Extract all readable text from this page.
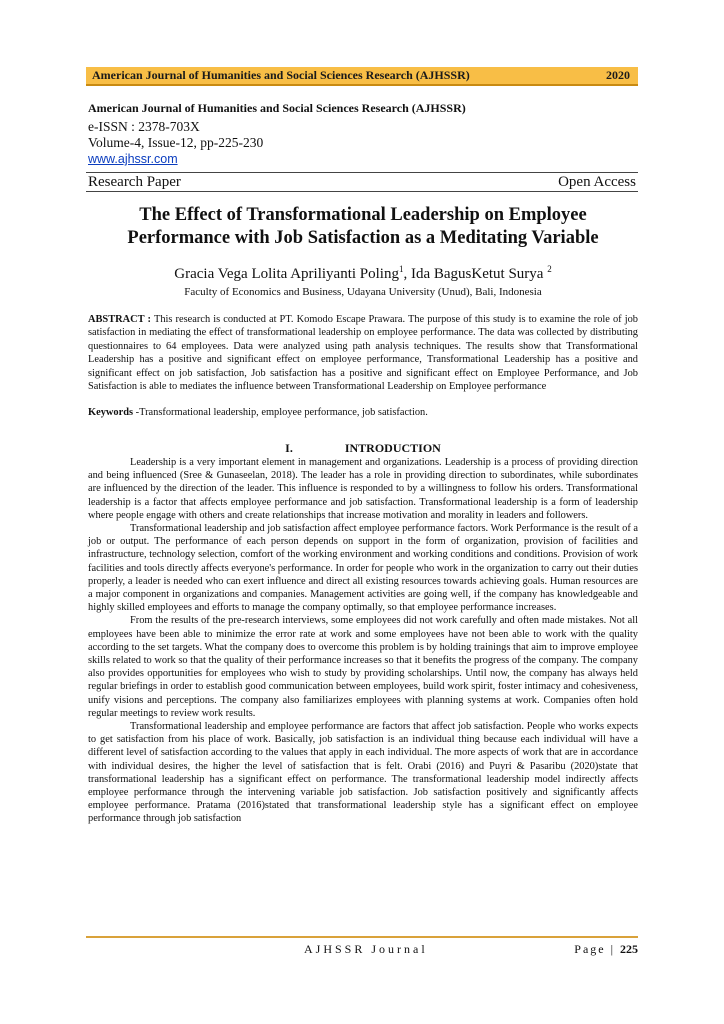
American Journal of Humanities and Social Sciences Research (AJHSSR)	2020
American Journal of Humanities and Social Sciences Research (AJHSSR)
e-ISSN : 2378-703X
Volume-4, Issue-12, pp-225-230
www.ajhssr.com
Research Paper	Open Access
The Effect of Transformational Leadership on Employee
Performance with Job Satisfaction as a Meditating Variable
Gracia Vega Lolita Apriliyanti Poling$^1$, Ida BagusKetut Surya $^2$
Faculty of Economics and Business, Udayana University (Unud), Bali, Indonesia
ABSTRACT : This research is conducted at PT. Komodo Escape Prawara. The purpose of this study is to examine the role of job satisfaction in mediating the effect of transformational leadership on employee performance. The data was collected by distributing questionnaires to 64 employees. Data were analyzed using path analysis techniques. The results show that Transformational Leadership has a positive and significant effect on employee performance, Transformational Leadership has a positive and significant effect on job satisfaction, Job satisfaction has a positive and significant effect on Employee Performance, and Job Satisfaction is able to mediates the influence between Transformational Leadership on Employee performance
Keywords -Transformational leadership, employee performance, job satisfaction.
I.	INTRODUCTION

Leadership is a very important element in management and organizations. Leadership is a process of providing direction and being influenced (Sree & Gunaseelan, 2018). The leader has a role in providing direction to subordinates, while subordinates are influenced by the direction of the leader. This influence is responded to by a willingness to follow his orders. Transformational leadership is a factor that affects employee performance and job satisfaction. Transformational leadership is a form of leadership where people engage with others and create relationships that increase motivation and morality in leaders and followers.

Transformational leadership and job satisfaction affect employee performance factors. Work Performance is the result of a job or output. The performance of each person depends on support in the form of organization, provision of facilities and infrastructure, technology selection, comfort of the working environment and working conditions and conditions. Provision of work facilities and tools directly affects everyone's performance. In order for people who work in the organization to carry out their duties properly, a leader is needed who can exert influence and direct all existing resources towards achieving goals. Human resources are a major component in organizations and companies. Management activities are going well, if the company has knowledgeable and highly skilled employees and efforts to manage the company optimally, so that employee performance increases.

From the results of the pre-research interviews, some employees did not work carefully and often made mistakes. Not all employees have been able to minimize the error rate at work and some employees have not been able to work with the quality according to the set targets. What the company does to overcome this problem is by holding trainings that aim to improve employee skills related to work so that the quality of their performance increases so that it benefits the progress of the company. The company also provides opportunities for employees who wish to study by providing scholarships. Until now, the company has always held regular briefings in order to establish good communication between employees, build work spirit, foster intimacy and cohesiveness, unify visions and perceptions. The company also familiarizes employees with planning systems at work. Companies often hold regular meetings to review work results.

Transformational leadership and employee performance are factors that affect job satisfaction. People who works expects to get satisfaction from his place of work. Basically, job satisfaction is an individual thing because each individual will have a different level of satisfaction according to the values that apply in each individual. The more aspects of work that are in accordance with individual desires, the higher the level of satisfaction that is felt. Orabi (2016) and Puyri & Pasaribu (2020)state that transformational leadership has a significant effect on performance. The transformational leadership model indirectly affects employee performance through the intervening variable job satisfaction. Job satisfaction positively and significantly affects employee performance. Pratama (2016)stated that transformational leadership style has a significant effect on employee performance through job satisfaction

AJHSSR Journal	Page | 225
